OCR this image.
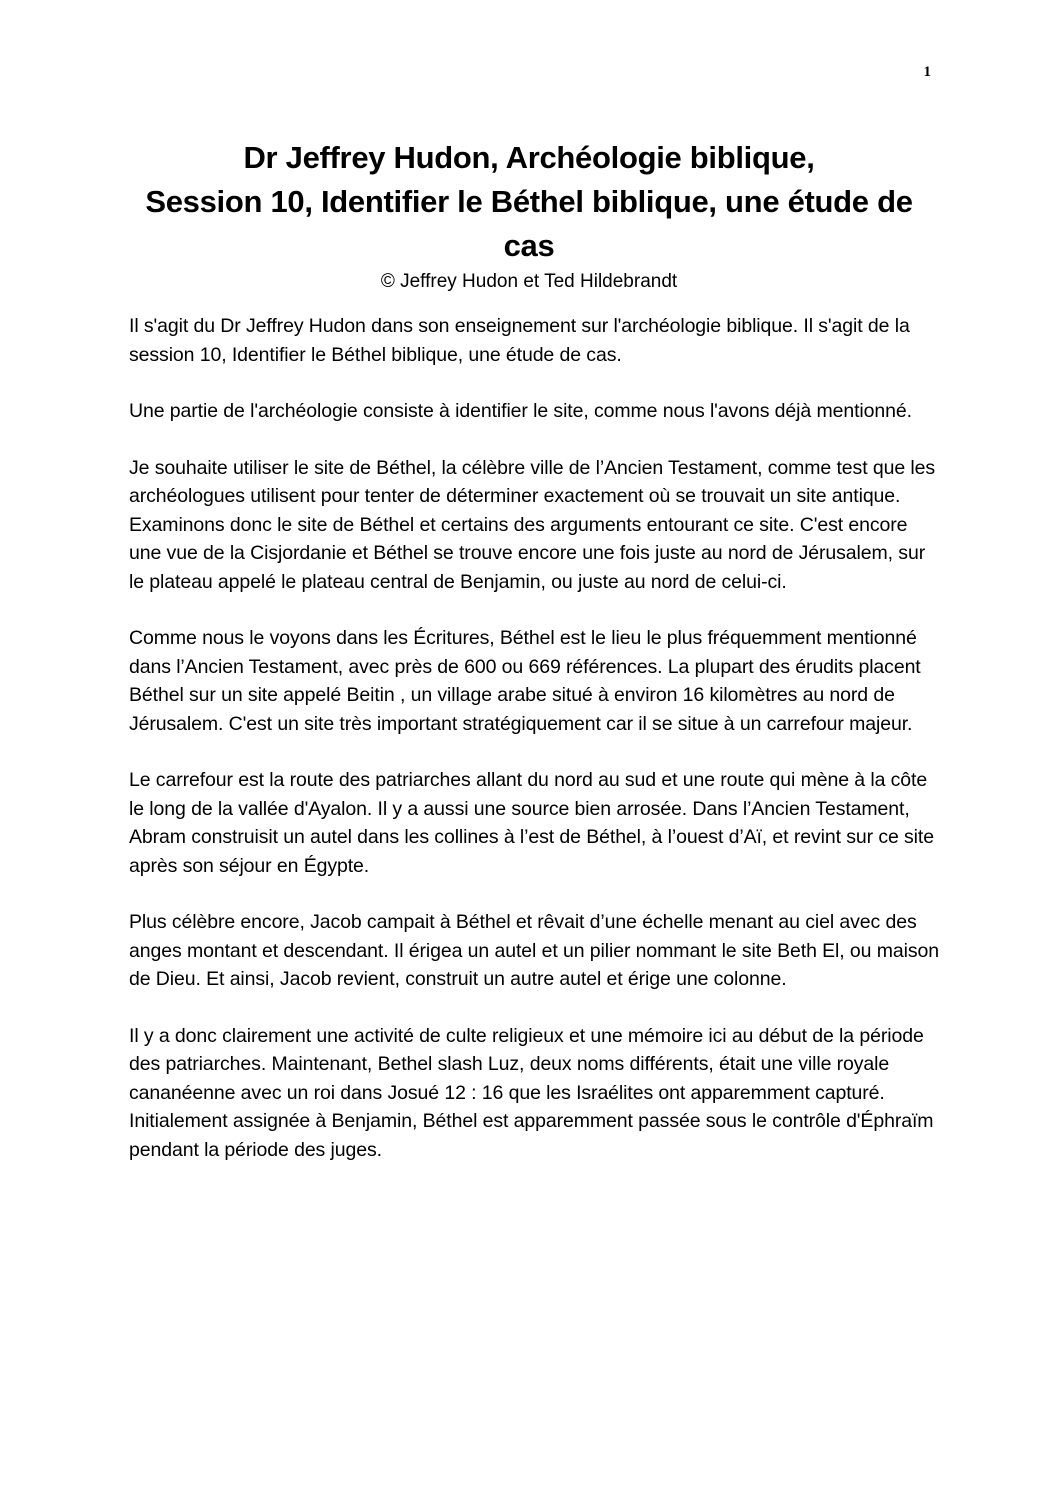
1
Dr Jeffrey Hudon, Archéologie biblique,
Session 10, Identifier le Béthel biblique, une étude de
cas
© Jeffrey Hudon et Ted Hildebrandt

Il s'agit du Dr Jeffrey Hudon dans son enseignement sur l'archéologie biblique. Il s'agit de la session 10, Identifier le Béthel biblique, une étude de cas.

Une partie de l'archéologie consiste à identifier le site, comme nous l'avons déjà mentionné.

Je souhaite utiliser le site de Béthel, la célèbre ville de l’Ancien Testament, comme test que les archéologues utilisent pour tenter de déterminer exactement où se trouvait un site antique. Examinons donc le site de Béthel et certains des arguments entourant ce site. C'est encore une vue de la Cisjordanie et Béthel se trouve encore une fois juste au nord de Jérusalem, sur le plateau appelé le plateau central de Benjamin, ou juste au nord de celui-ci.

Comme nous le voyons dans les Écritures, Béthel est le lieu le plus fréquemment mentionné dans l’Ancien Testament, avec près de 600 ou 669 références. La plupart des érudits placent Béthel sur un site appelé Beitin , un village arabe situé à environ 16 kilomètres au nord de Jérusalem. C'est un site très important stratégiquement car il se situe à un carrefour majeur.

Le carrefour est la route des patriarches allant du nord au sud et une route qui mène à la côte le long de la vallée d'Ayalon. Il y a aussi une source bien arrosée. Dans l’Ancien Testament, Abram construisit un autel dans les collines à l’est de Béthel, à l’ouest d’Aï, et revint sur ce site après son séjour en Égypte.

Plus célèbre encore, Jacob campait à Béthel et rêvait d’une échelle menant au ciel avec des anges montant et descendant. Il érigea un autel et un pilier nommant le site Beth El, ou maison de Dieu. Et ainsi, Jacob revient, construit un autre autel et érige une colonne.

Il y a donc clairement une activité de culte religieux et une mémoire ici au début de la période des patriarches. Maintenant, Bethel slash Luz, deux noms différents, était une ville royale cananéenne avec un roi dans Josué 12 : 16 que les Israélites ont apparemment capturé. Initialement assignée à Benjamin, Béthel est apparemment passée sous le contrôle d'Éphraïm pendant la période des juges.
